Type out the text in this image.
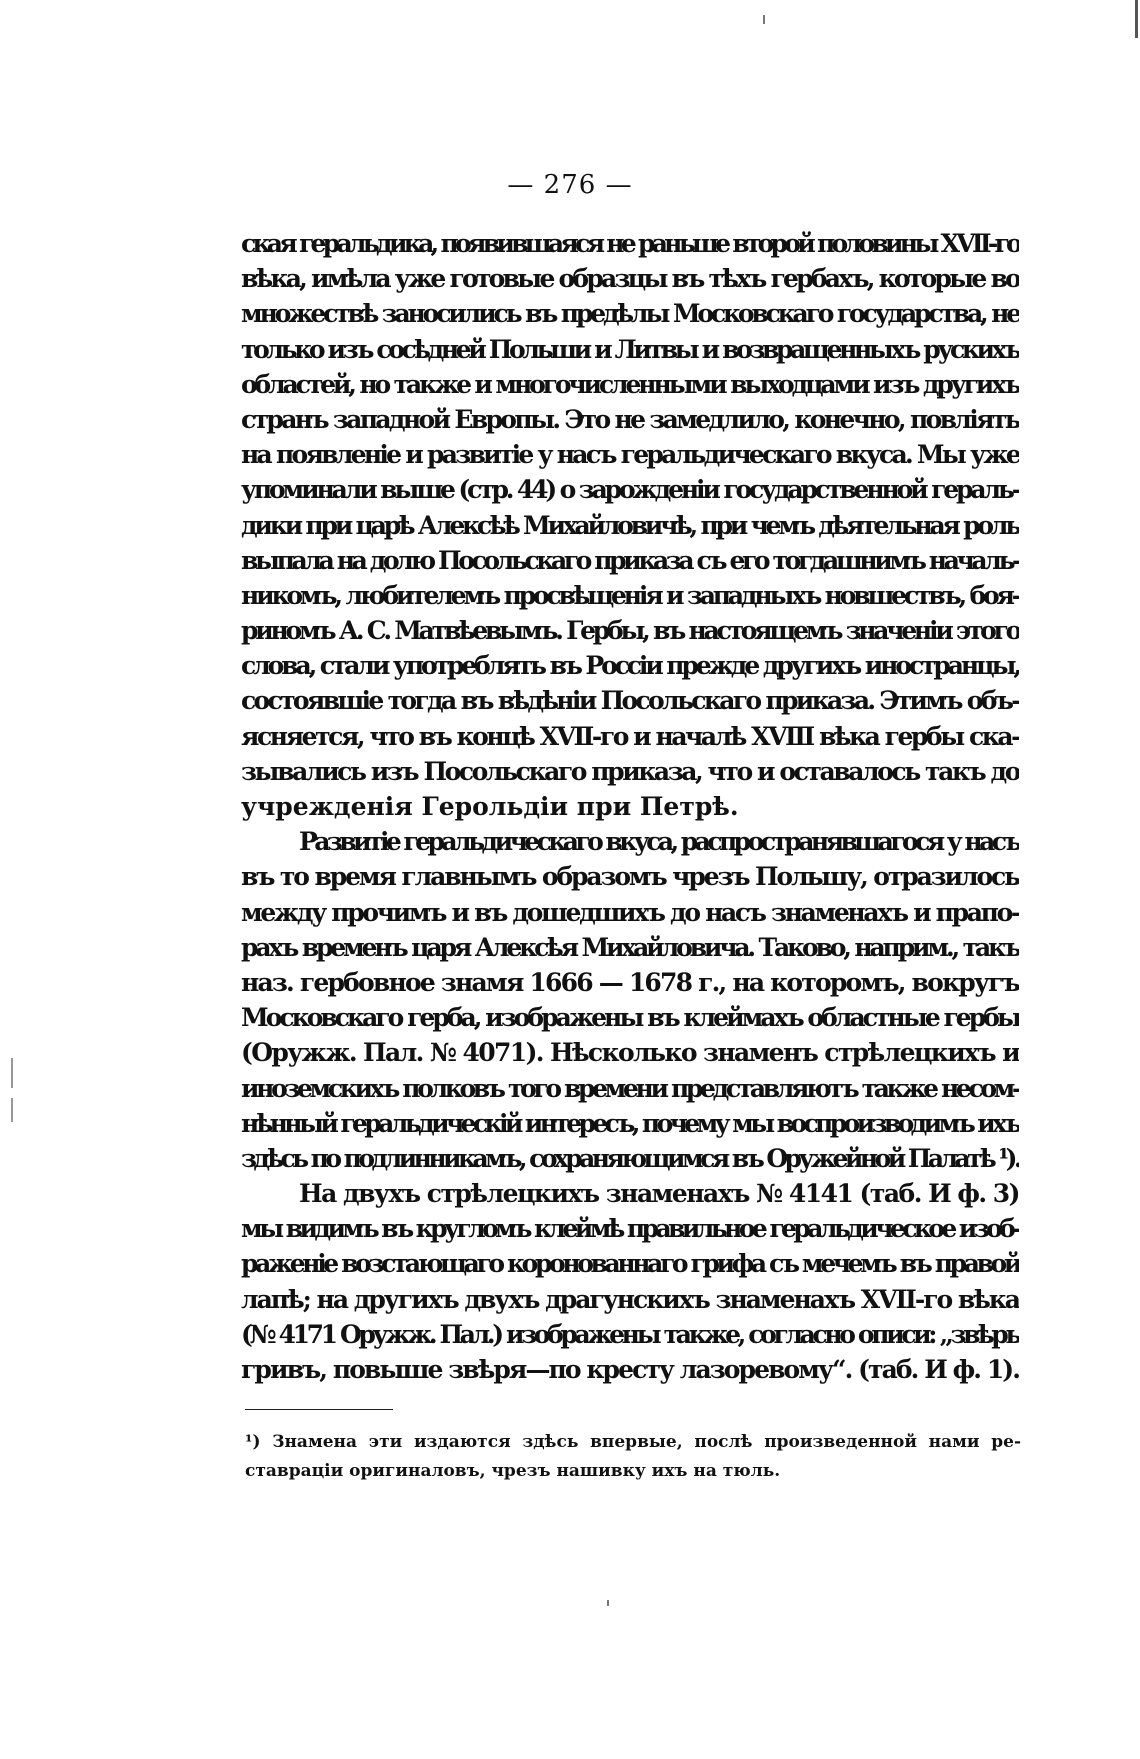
— 276 —
ская геральдика, появившаяся не раньше второй половины XVII-го
вѣка, имѣла уже готовые образцы въ тѣхъ гербахъ, которые во
множествѣ заносились въ предѣлы Московскаго государства, не
только изъ сосѣдней Польши и Литвы и возвращенныхъ рускихъ
областей, но также и многочисленными выходцами изъ другихъ
странъ западной Европы. Это не замедлило, конечно, повлiять
на появленiе и развитiе у насъ геральдическаго вкуса. Мы уже
упоминали выше (стр. 44) о зарожденiи государственной гераль-
дики при царѣ Алексѣѣ Михайловичѣ, при чемъ дѣятельная роль
выпала на долю Посольскаго приказа съ его тогдашнимъ началь-
никомъ, любителемъ просвѣщенiя и западныхъ новшествъ, боя-
риномъ А. С. Матвѣевымъ. Гербы, въ настоящемъ значенiи этого
слова, стали употреблять въ Россiи прежде другихъ иностранцы,
состоявшiе тогда въ вѣдѣнiи Посольскаго приказа. Этимъ объ-
ясняется, что въ концѣ XVII-го и началѣ XVIII вѣка гербы ска-
зывались изъ Посольскаго приказа, что и оставалось такъ до
учрежденiя Герольдiи при Петрѣ.
Развитiе геральдическаго вкуса, распространявшагося у насъ
въ то время главнымъ образомъ чрезъ Польшу, отразилось
между прочимъ и въ дошедшихъ до насъ знаменахъ и прапо-
рахъ временъ царя Алексѣя Михайловича. Таково, наприм., такъ
наз. гербовное знамя 1666 — 1678 г., на которомъ, вокругъ
Московскаго герба, изображены въ клеймахъ областные гербы
(Оружж. Пал. № 4071). Нѣсколько знаменъ стрѣлецкихъ и
иноземскихъ полковъ того времени представляютъ также несом-
нѣнный геральдическiй интересъ, почему мы воспроизводимъ ихъ
здѣсь по подлинникамъ, сохраняющимся въ Оружейной Палатѣ ¹).
На двухъ стрѣлецкихъ знаменахъ № 4141 (таб. И ф. 3)
мы видимъ въ кругломъ клеймѣ правильное геральдическое изоб-
раженiе возстающаго коронованнаго грифа съ мечемъ въ правой
лапѣ; на другихъ двухъ драгунскихъ знаменахъ XVII-го вѣка
(№ 4171 Оружж. Пал.) изображены также, согласно описи: „звѣрь
гривъ, повыше звѣря—по кресту лазоревому“. (таб. И ф. 1).
¹) Знамена эти издаются здѣсь впервые, послѣ произведенной нами ре-
ставрацiи оригиналовъ, чрезъ нашивку ихъ на тюль.
